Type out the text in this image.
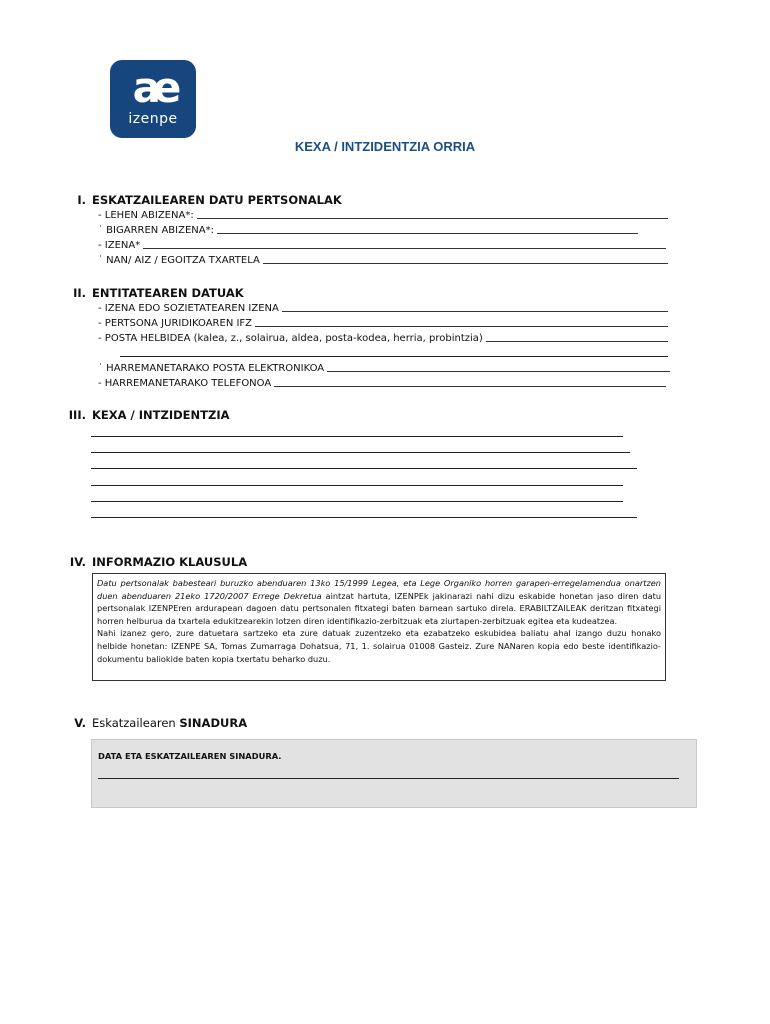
ae
izenpe
KEXA / INTZIDENTZIA ORRIA
I. ESKATZAILEAREN DATU PERTSONALAK
- LEHEN ABIZENA*:
˙ BIGARREN ABIZENA*:
- IZENA*
˙ NAN/ AIZ / EGOITZA TXARTELA
II. ENTITATEAREN DATUAK
- IZENA EDO SOZIETATEAREN IZENA
- PERTSONA JURIDIKOAREN IFZ
- POSTA HELBIDEA (kalea, z., solairua, aldea, posta-kodea, herria, probintzia)
˙ HARREMANETARAKO POSTA ELEKTRONIKOA
- HARREMANETARAKO TELEFONOA
III. KEXA / INTZIDENTZIA
IV. INFORMAZIO KLAUSULA

Datu pertsonalak babesteari buruzko abenduaren 13ko 15/1999 Legea, eta Lege Organiko horren garapen-erregelamendua onartzen duen abenduaren 21eko 1720/2007 Errege Dekretua aintzat hartuta, IZENPEk jakinarazi nahi dizu eskabide honetan jaso diren datu pertsonalak IZENPEren ardurapean dagoen datu pertsonalen fitxategi baten barnean sartuko direla. ERABILTZAILEAK deritzan fitxategi horren helburua da txartela edukitzearekin lotzen diren identifikazio-zerbitzuak eta ziurtapen-zerbitzuak egitea eta kudeatzea.

Nahi izanez gero, zure datuetara sartzeko eta zure datuak zuzentzeko eta ezabatzeko eskubidea baliatu ahal izango duzu honako helbide honetan: IZENPE SA, Tomas Zumarraga Dohatsua, 71, 1. solairua 01008 Gasteiz. Zure NANaren kopia edo beste identifikazio-dokumentu baliokide baten kopia txertatu beharko duzu.

V. Eskatzailearen SINADURA
DATA ETA ESKATZAILEAREN SINADURA.
